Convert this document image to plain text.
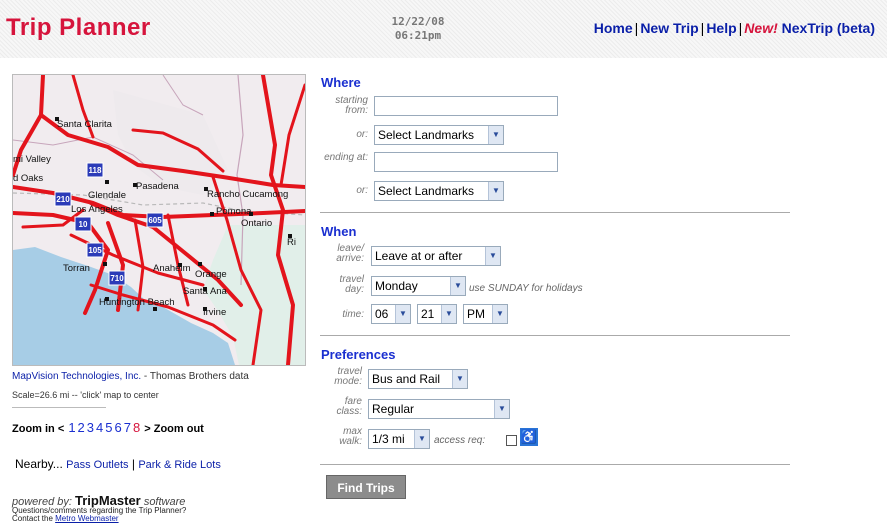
Trip Planner	12/22/08
06:21pm	Home | New Trip | Help | New! NexTrip (beta)
Santa Clarita
mi Valley
d Oaks
Glendale
Pasadena
Los Angeles
Rancho Cucamong
Pomona
Ontario
Ri
Torran	Anaheim
Orange
Santa Ana
Huntington Beach
Irvine
118
210
10	605
105
710
MapVision Technologies, Inc. - Thomas Brothers data
Scale=26.6 mi -- 'click' map to center
Zoom in < 1 2 3 4 5 6 7 8 > Zoom out
Nearby... Pass Outlets | Park & Ride Lots
powered by: TripMaster software
Questions/comments regarding the Trip Planner?
Contact the Metro Webmaster
Where
starting from:
or: Select Landmarks	▼
ending at:
or: Select Landmarks	▼
When
leave/ arrive: Leave at or after	▼
travel day: Monday	▼ use SUNDAY for holidays
time: 06	▼	21	▼	PM	▼
Preferences
travel mode: Bus and Rail	▼
fare class: Regular	▼
max walk: 1/3 mi	▼ access req:	♿
Find Trips
